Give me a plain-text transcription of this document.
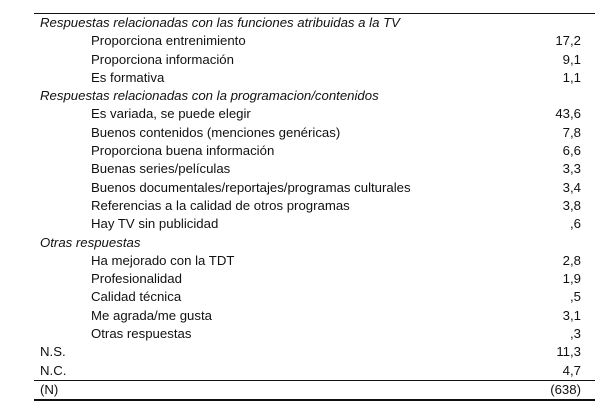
Respuestas relacionadas con las funciones atribuidas a la TV
Proporciona entrenimiento	17,2
Proporciona información	9,1
Es formativa	1,1
Respuestas relacionadas con la programacion/contenidos
Es variada, se puede elegir	43,6
Buenos contenidos (menciones genéricas)	7,8
Proporciona buena información	6,6
Buenas series/películas	3,3
Buenos documentales/reportajes/programas culturales	3,4
Referencias a la calidad de otros programas	3,8
Hay TV sin publicidad	,6
Otras respuestas
Ha mejorado con la TDT	2,8
Profesionalidad	1,9
Calidad técnica	,5
Me agrada/me gusta	3,1
Otras respuestas	,3
N.S.	11,3
N.C.	4,7
(N)	(638)
